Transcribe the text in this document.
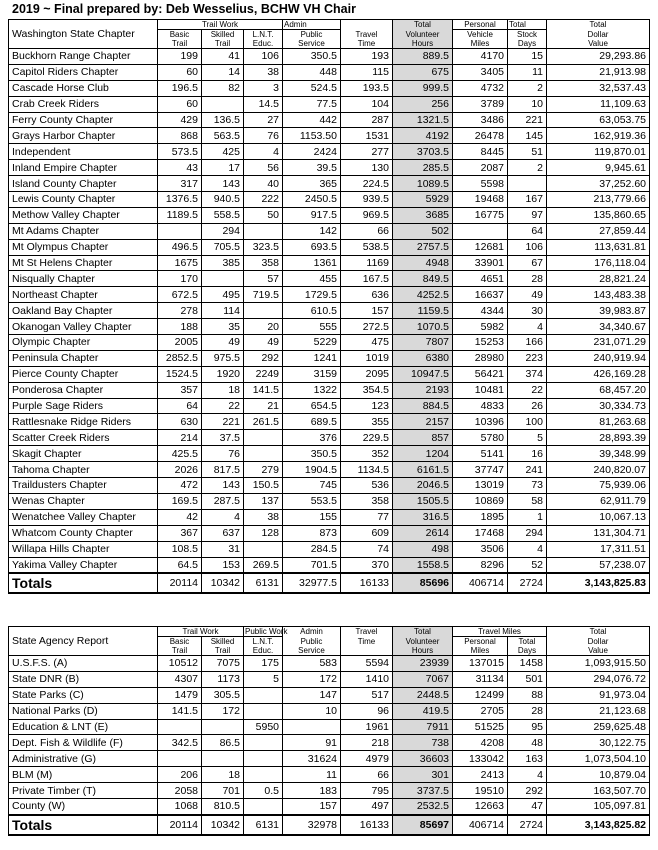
2019 ~ Final prepared by: Deb Wesselius, BCHW VH Chair
Washington State Chapter	Trail Work			Admin		Total	Personal	Total	Total
	Basic	Skilled	L.N.T.	Public	Travel	Volunteer	Vehicle	Stock	Dollar
	Trail	Trail	Educ.	Service	Time	Hours	Miles	Days	Value
Buckhorn Range Chapter	199	41	106	350.5	193	889.5	4170	15	29,293.86
Capitol Riders Chapter	60	14	38	448	115	675	3405	11	21,913.98
Cascade Horse Club	196.5	82	3	524.5	193.5	999.5	4732	2	32,537.43
Crab Creek Riders	60		14.5	77.5	104	256	3789	10	11,109.63
Ferry County Chapter	429	136.5	27	442	287	1321.5	3486	221	63,053.75
Grays Harbor Chapter	868	563.5	76	1153.50	1531	4192	26478	145	162,919.36
Independent	573.5	425	4	2424	277	3703.5	8445	51	119,870.01
Inland Empire Chapter	43	17	56	39.5	130	285.5	2087	2	9,945.61
Island County Chapter	317	143	40	365	224.5	1089.5	5598		37,252.60
Lewis County Chapter	1376.5	940.5	222	2450.5	939.5	5929	19468	167	213,779.66
Methow Valley Chapter	1189.5	558.5	50	917.5	969.5	3685	16775	97	135,860.65
Mt Adams Chapter		294		142	66	502		64	27,859.44
Mt Olympus Chapter	496.5	705.5	323.5	693.5	538.5	2757.5	12681	106	113,631.81
Mt St Helens Chapter	1675	385	358	1361	1169	4948	33901	67	176,118.04
Nisqually Chapter	170		57	455	167.5	849.5	4651	28	28,821.24
Northeast Chapter	672.5	495	719.5	1729.5	636	4252.5	16637	49	143,483.38
Oakland Bay Chapter	278	114		610.5	157	1159.5	4344	30	39,983.87
Okanogan Valley Chapter	188	35	20	555	272.5	1070.5	5982	4	34,340.67
Olympic Chapter	2005	49	49	5229	475	7807	15253	166	231,071.29
Peninsula Chapter	2852.5	975.5	292	1241	1019	6380	28980	223	240,919.94
Pierce County Chapter	1524.5	1920	2249	3159	2095	10947.5	56421	374	426,169.28
Ponderosa Chapter	357	18	141.5	1322	354.5	2193	10481	22	68,457.20
Purple Sage Riders	64	22	21	654.5	123	884.5	4833	26	30,334.73
Rattlesnake Ridge Riders	630	221	261.5	689.5	355	2157	10396	100	81,263.68
Scatter Creek Riders	214	37.5		376	229.5	857	5780	5	28,893.39
Skagit Chapter	425.5	76		350.5	352	1204	5141	16	39,348.99
Tahoma Chapter	2026	817.5	279	1904.5	1134.5	6161.5	37747	241	240,820.07
Traildusters Chapter	472	143	150.5	745	536	2046.5	13019	73	75,939.06
Wenas Chapter	169.5	287.5	137	553.5	358	1505.5	10869	58	62,911.79
Wenatchee Valley Chapter	42	4	38	155	77	316.5	1895	1	10,067.13
Whatcom County Chapter	367	637	128	873	609	2614	17468	294	131,304.71
Willapa Hills Chapter	108.5	31		284.5	74	498	3506	4	17,311.51
Yakima Valley Chapter	64.5	153	269.5	701.5	370	1558.5	8296	52	57,238.07
Totals	20114	10342	6131	32977.5	16133	85696	406714	2724	3,143,825.83
State Agency Report	Trail Work		Public Work	Admin	Travel	Total	Travel Miles		Total
	Basic	Skilled	L.N.T.	Public	Time	Volunteer	Personal	Total	Dollar
	Trail	Trail	Educ.	Service		Hours	Miles	Days	Value
U.S.F.S. (A)	10512	7075	175	583	5594	23939	137015	1458	1,093,915.50
State DNR (B)	4307	1173	5	172	1410	7067	31134	501	294,076.72
State Parks (C)	1479	305.5		147	517	2448.5	12499	88	91,973.04
National Parks (D)	141.5	172		10	96	419.5	2705	28	21,123.68
Education & LNT (E)			5950		1961	7911	51525	95	259,625.48
Dept. Fish & Wildlife (F)	342.5	86.5		91	218	738	4208	48	30,122.75
Administrative (G)				31624	4979	36603	133042	163	1,073,504.10
BLM (M)	206	18		11	66	301	2413	4	10,879.04
Private Timber (T)	2058	701	0.5	183	795	3737.5	19510	292	163,507.70
County (W)	1068	810.5		157	497	2532.5	12663	47	105,097.81
Totals	20114	10342	6131	32978	16133	85697	406714	2724	3,143,825.82
